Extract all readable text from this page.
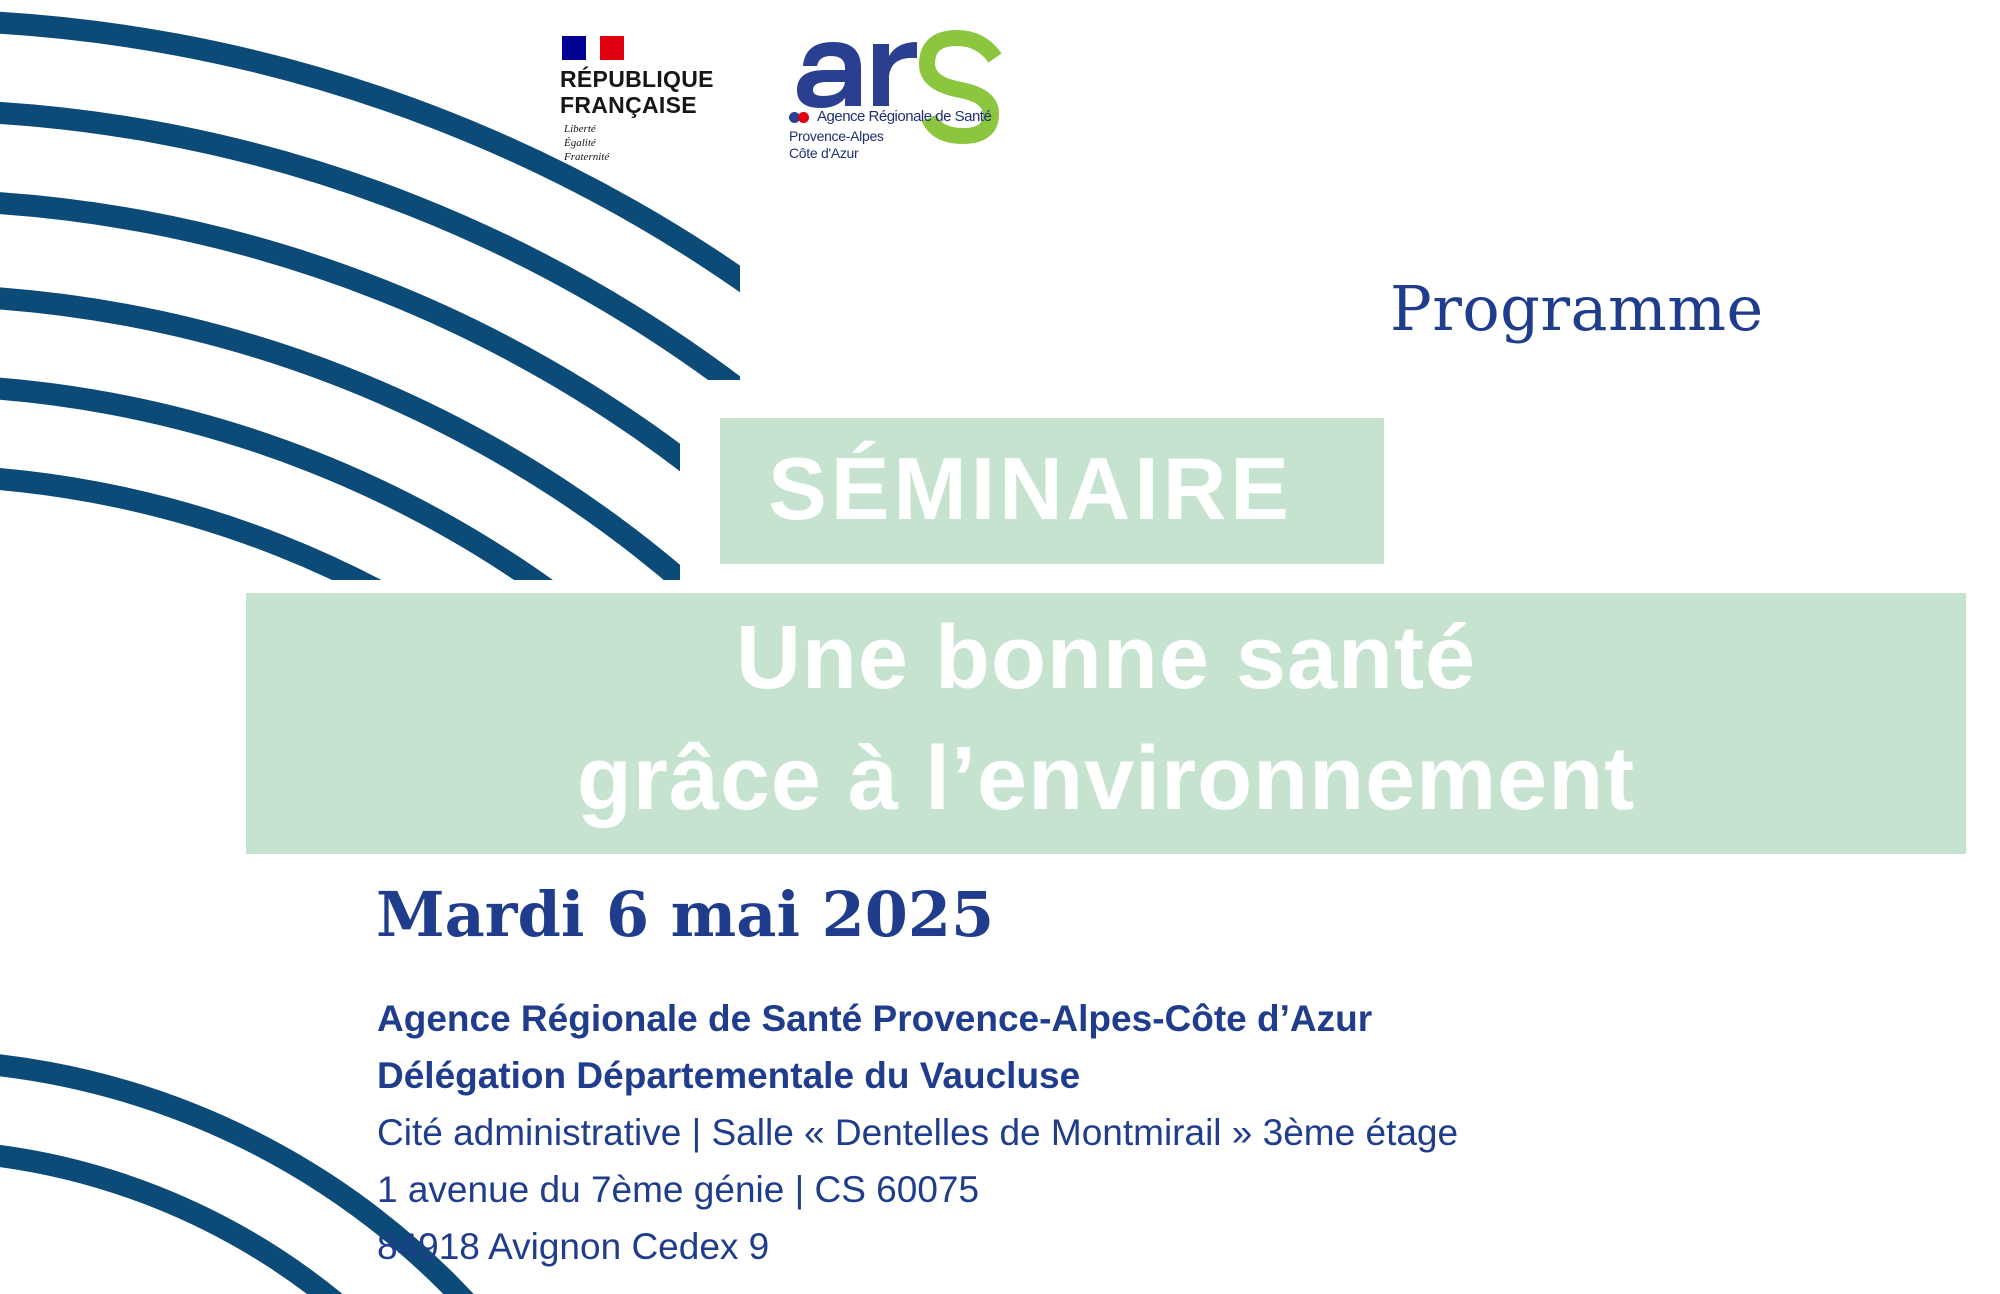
RÉPUBLIQUE
FRANÇAISE
Liberté
Égalité
Fraternité
Agence Régionale de Santé
Provence-Alpes
Côte d'Azur
Programme
SÉMINAIRE
Une bonne santé
grâce à l’environnement
Mardi 6 mai 2025
Agence Régionale de Santé Provence-Alpes-Côte d’Azur
Délégation Départementale du Vaucluse
Cité administrative | Salle « Dentelles de Montmirail » 3ème étage
1 avenue du 7ème génie | CS 60075
84918 Avignon Cedex 9
